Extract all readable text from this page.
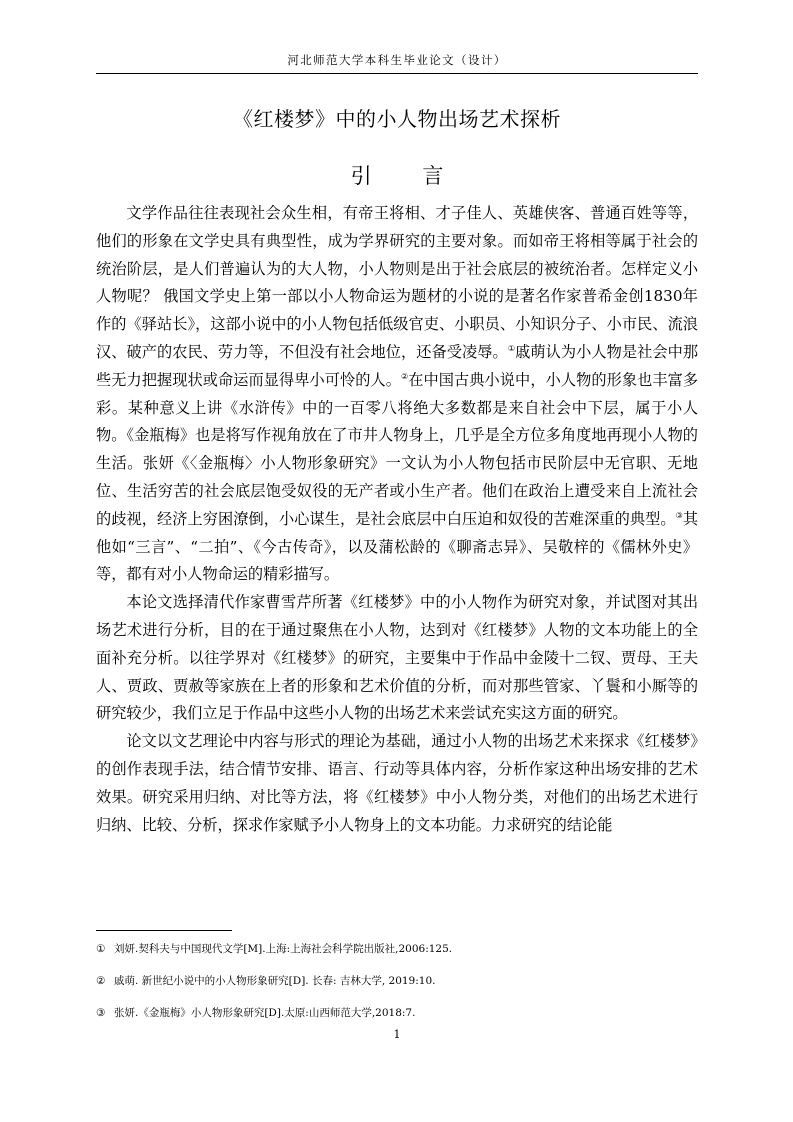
河北师范大学本科生毕业论文（设计）
《红楼梦》中的小人物出场艺术探析
引 言

文学作品往往表现社会众生相，有帝王将相、才子佳人、英雄侠客、普通百姓等等，他们的形象在文学史具有典型性，成为学界研究的主要对象。而如帝王将相等属于社会的统治阶层，是人们普遍认为的大人物，小人物则是出于社会底层的被统治者。怎样定义小人物呢？ 俄国文学史上第一部以小人物命运为题材的小说的是著名作家普希金创1830年作的《驿站长》，这部小说中的小人物包括低级官吏、小职员、小知识分子、小市民、流浪汉、破产的农民、劳力等，不但没有社会地位，还备受凌辱。①戚萌认为小人物是社会中那些无力把握现状或命运而显得卑小可怜的人。②在中国古典小说中，小人物的形象也丰富多彩。某种意义上讲《水浒传》中的一百零八将绝大多数都是来自社会中下层，属于小人物。《金瓶梅》也是将写作视角放在了市井人物身上，几乎是全方位多角度地再现小人物的生活。张妍《〈金瓶梅〉小人物形象研究》一文认为小人物包括市民阶层中无官职、无地位、生活穷苦的社会底层饱受奴役的无产者或小生产者。他们在政治上遭受来自上流社会的歧视，经济上穷困潦倒，小心谋生，是社会底层中白压迫和奴役的苦难深重的典型。③其他如“三言”、“二拍”、《今古传奇》，以及蒲松龄的《聊斋志异》、吴敬梓的《儒林外史》等，都有对小人物命运的精彩描写。

本论文选择清代作家曹雪芹所著《红楼梦》中的小人物作为研究对象，并试图对其出场艺术进行分析，目的在于通过聚焦在小人物，达到对《红楼梦》人物的文本功能上的全面补充分析。以往学界对《红楼梦》的研究，主要集中于作品中金陵十二钗、贾母、王夫人、贾政、贾赦等家族在上者的形象和艺术价值的分析，而对那些管家、丫鬟和小厮等的研究较少，我们立足于作品中这些小人物的出场艺术来尝试充实这方面的研究。

论文以文艺理论中内容与形式的理论为基础，通过小人物的出场艺术来探求《红楼梦》的创作表现手法，结合情节安排、语言、行动等具体内容，分析作家这种出场安排的艺术效果。研究采用归纳、对比等方法，将《红楼梦》中小人物分类，对他们的出场艺术进行归纳、比较、分析，探求作家赋予小人物身上的文本功能。力求研究的结论能

① 刘妍.契科夫与中国现代文学[M].上海:上海社会科学院出版社,2006:125.
② 戚萌. 新世纪小说中的小人物形象研究[D]. 长春: 吉林大学, 2019:10.
③ 张妍.《金瓶梅》小人物形象研究[D].太原:山西师范大学,2018:7.
1
